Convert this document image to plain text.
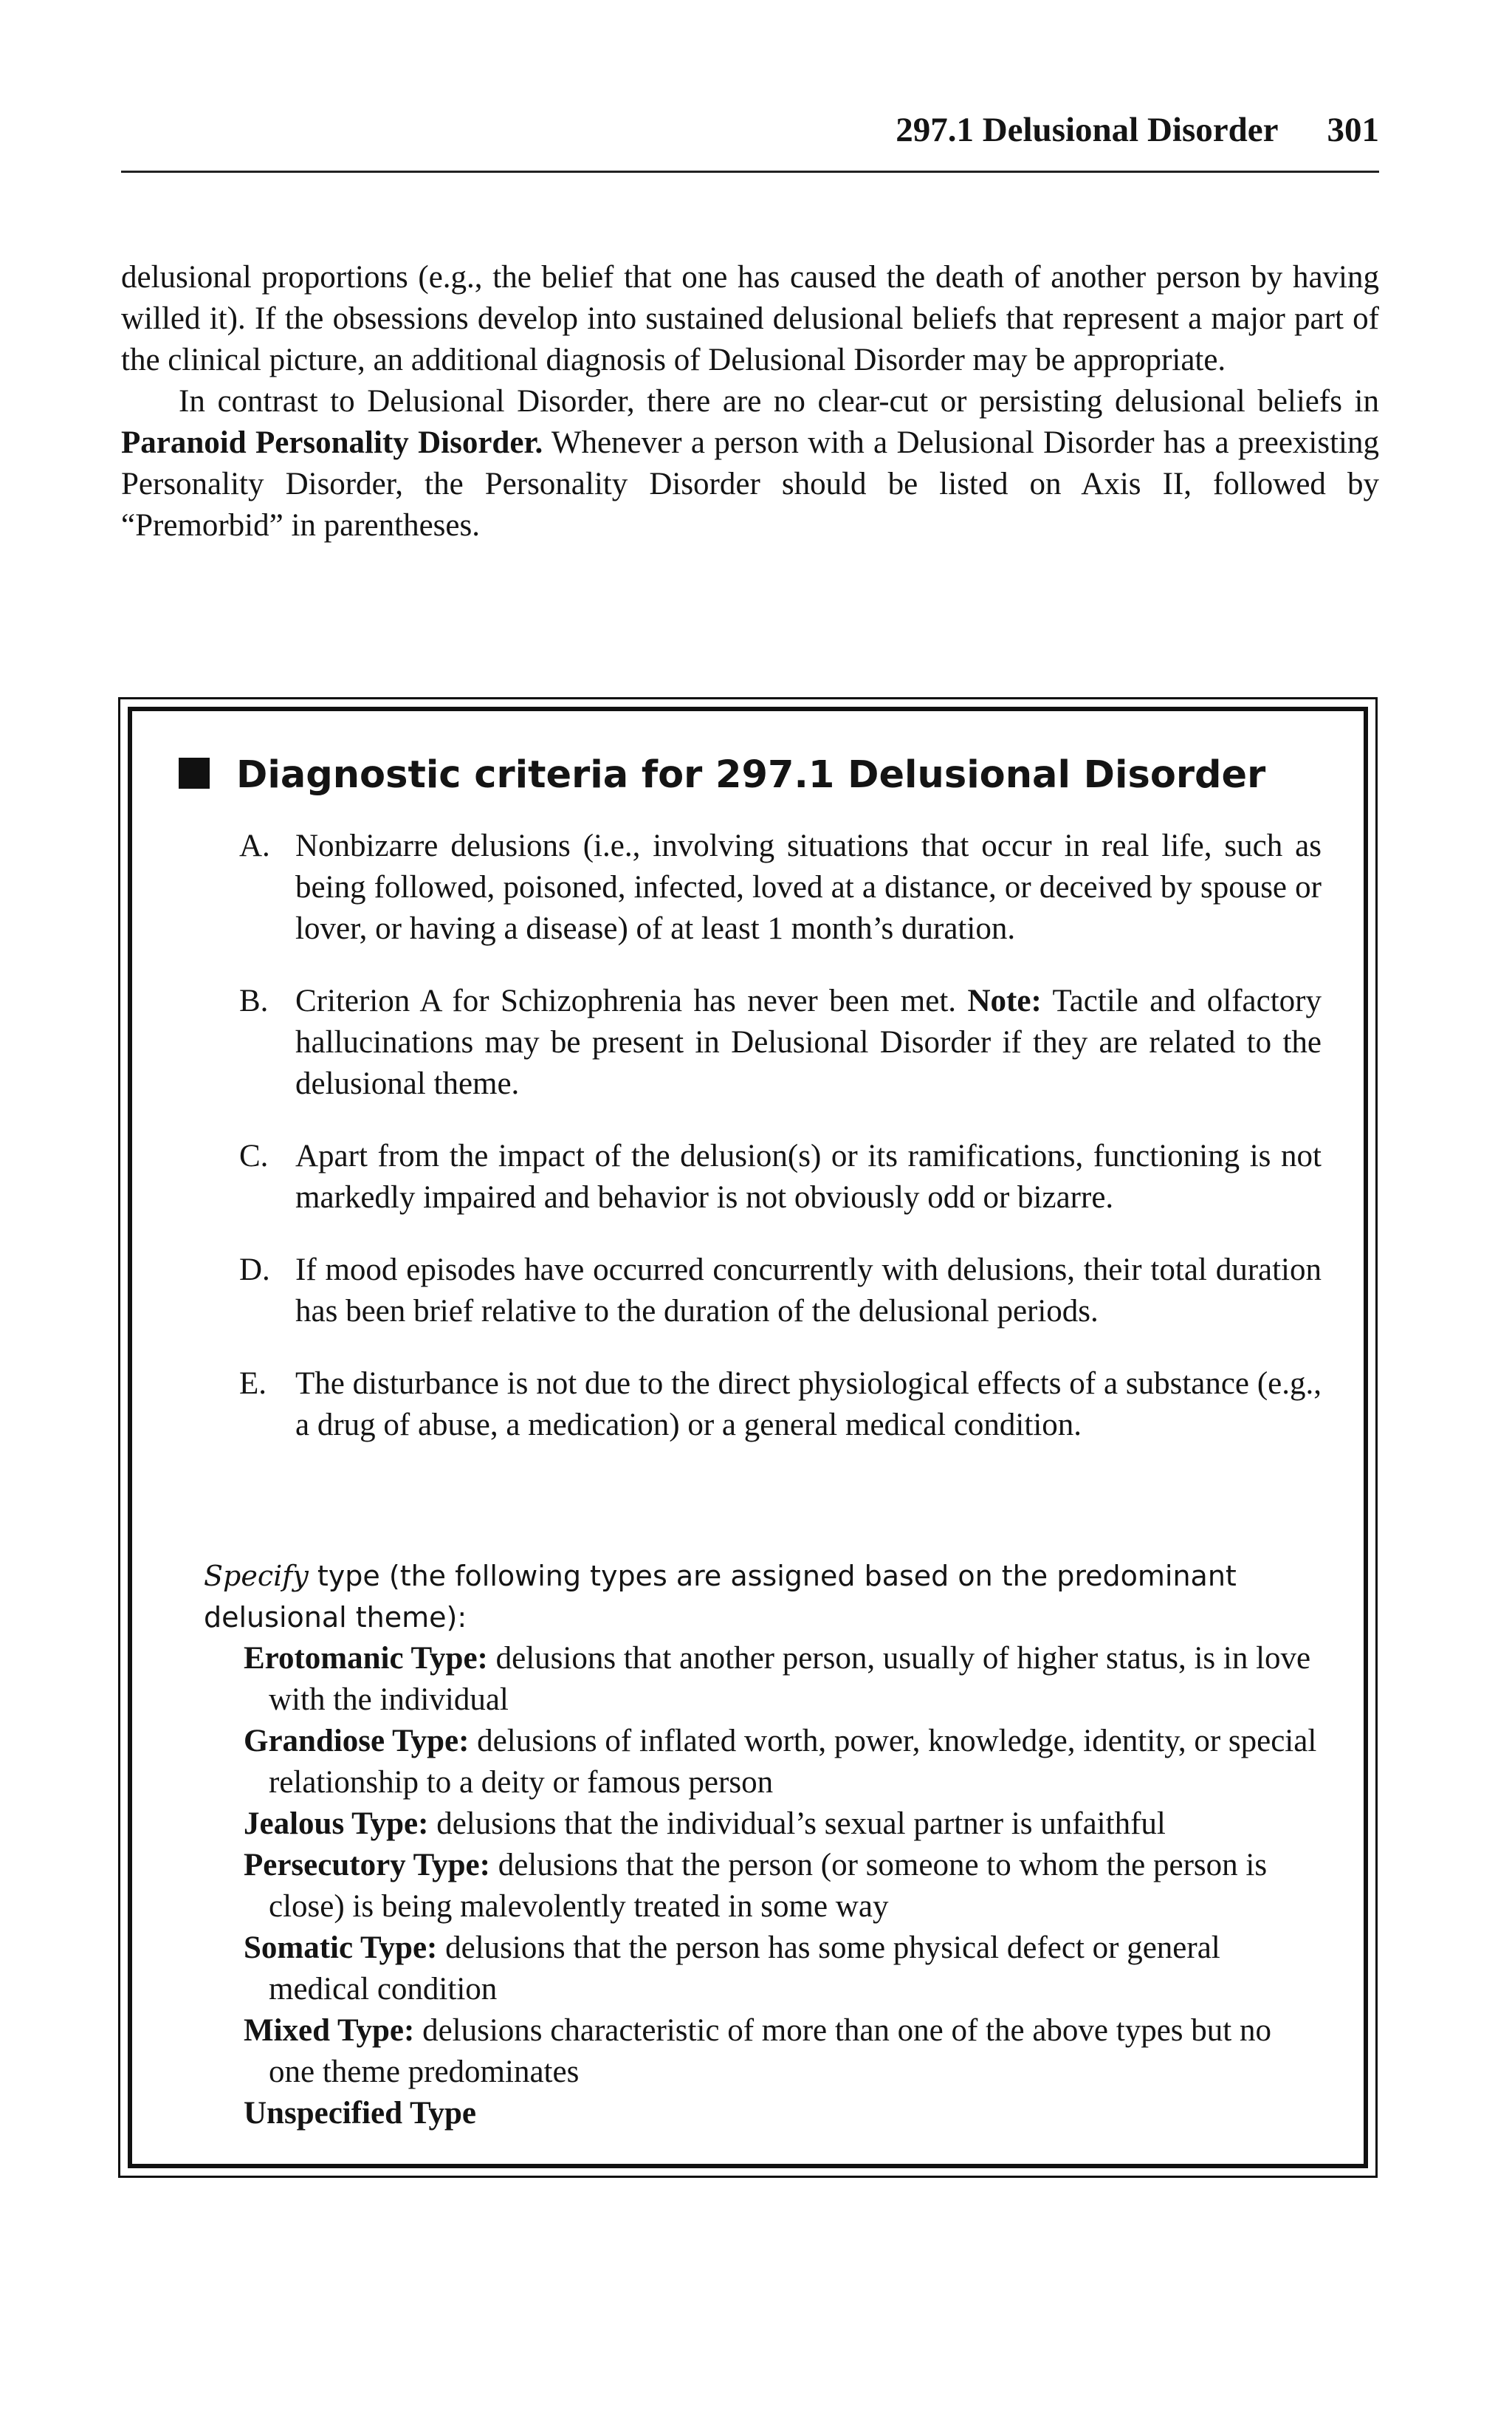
297.1 Delusional Disorder 301

delusional proportions (e.g., the belief that one has caused the death of another person by having willed it). If the obsessions develop into sustained delusional beliefs that represent a major part of the clinical picture, an additional diagnosis of Delusional Disorder may be appropriate.

In contrast to Delusional Disorder, there are no clear-cut or persisting delusional beliefs in Paranoid Personality Disorder. Whenever a person with a Delusional Disorder has a preexisting Personality Disorder, the Personality Disorder should be listed on Axis II, followed by “Premorbid” in parentheses.

Diagnostic criteria for 297.1 Delusional Disorder
A. Nonbizarre delusions (i.e., involving situations that occur in real life, such as being followed, poisoned, infected, loved at a distance, or deceived by spouse or lover, or having a disease) of at least 1 month’s duration.
B. Criterion A for Schizophrenia has never been met. Note: Tactile and olfactory hallucinations may be present in Delusional Disorder if they are related to the delusional theme.
C. Apart from the impact of the delusion(s) or its ramifications, functioning is not markedly impaired and behavior is not obviously odd or bizarre.
D. If mood episodes have occurred concurrently with delusions, their total duration has been brief relative to the duration of the delusional periods.
E. The disturbance is not due to the direct physiological effects of a substance (e.g., a drug of abuse, a medication) or a general medical condition.
Specify type (the following types are assigned based on the predominant delusional theme):
Erotomanic Type: delusions that another person, usually of higher status, is in love with the individual
Grandiose Type: delusions of inflated worth, power, knowledge, identity, or special relationship to a deity or famous person
Jealous Type: delusions that the individual’s sexual partner is unfaithful
Persecutory Type: delusions that the person (or someone to whom the person is close) is being malevolently treated in some way
Somatic Type: delusions that the person has some physical defect or general medical condition
Mixed Type: delusions characteristic of more than one of the above types but no one theme predominates
Unspecified Type
